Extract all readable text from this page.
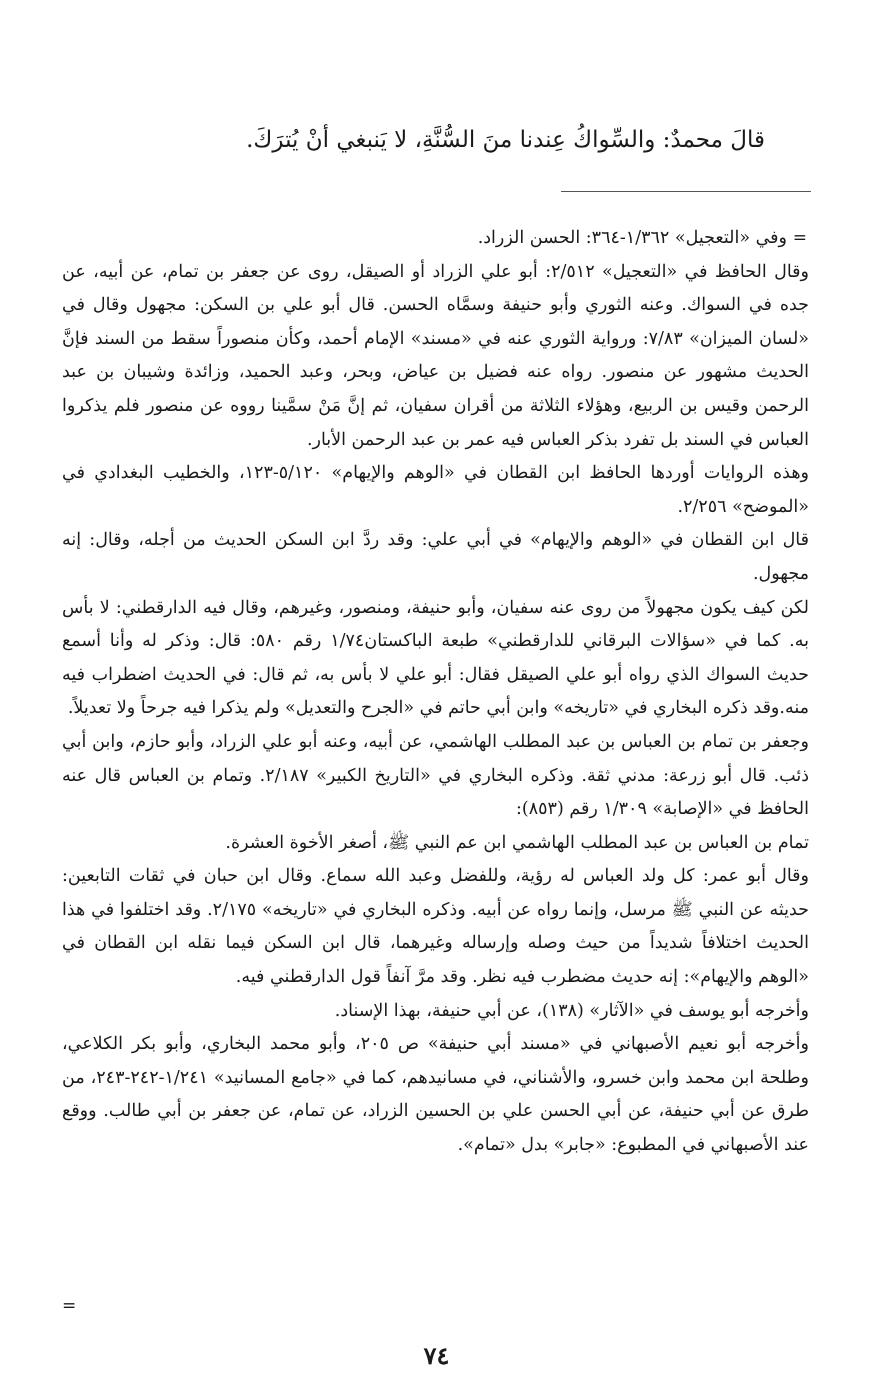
قالَ محمدٌ: والسِّواكُ عِندنا منَ السُّنَّةِ، لا يَنبغي أنْ يُترَكَ.

=

وفي «التعجيل» ١/٣٦٢-٣٦٤: الحسن الزراد.

وقال الحافظ في «التعجيل» ٢/٥١٢: أبو علي الزراد أو الصيقل، روى عن جعفر بن تمام، عن أبيه، عن جده في السواك. وعنه الثوري وأبو حنيفة وسمَّاه الحسن. قال أبو علي بن السكن: مجهول وقال في «لسان الميزان» ٧/٨٣: ورواية الثوري عنه في «مسند» الإمام أحمد، وكأن منصوراً سقط من السند فإنَّ الحديث مشهور عن منصور. رواه عنه فضيل بن عياض، وبحر، وعبد الحميد، وزائدة وشيبان بن عبد الرحمن وقيس بن الربيع، وهؤلاء الثلاثة من أقران سفيان، ثم إنَّ مَنْ سمَّينا رووه عن منصور فلم يذكروا العباس في السند بل تفرد بذكر العباس فيه عمر بن عبد الرحمن الأبار.

وهذه الروايات أوردها الحافظ ابن القطان في «الوهم والإيهام» ٥/١٢٠-١٢٣، والخطيب البغدادي في «الموضح» ٢/٢٥٦.

قال ابن القطان في «الوهم والإيهام» في أبي علي: وقد ردَّ ابن السكن الحديث من أجله، وقال: إنه مجهول.

لكن كيف يكون مجهولاً من روى عنه سفيان، وأبو حنيفة، ومنصور، وغيرهم، وقال فيه الدارقطني: لا بأس به. كما في «سؤالات البرقاني للدارقطني» طبعة الباكستان١/٧٤ رقم ٥٨٠: قال: وذكر له وأنا أسمع حديث السواك الذي رواه أبو علي الصيقل فقال: أبو علي لا بأس به، ثم قال: في الحديث اضطراب فيه منه.وقد ذكره البخاري في «تاريخه» وابن أبي حاتم في «الجرح والتعديل» ولم يذكرا فيه جرحاً ولا تعديلاً.

وجعفر بن تمام بن العباس بن عبد المطلب الهاشمي، عن أبيه، وعنه أبو علي الزراد، وأبو حازم، وابن أبي ذئب. قال أبو زرعة: مدني ثقة. وذكره البخاري في «التاريخ الكبير» ٢/١٨٧. وتمام بن العباس قال عنه الحافظ في «الإصابة» ١/٣٠٩ رقم (٨٥٣):

تمام بن العباس بن عبد المطلب الهاشمي ابن عم النبي ﷺ، أصغر الأخوة العشرة.

وقال أبو عمر: كل ولد العباس له رؤية، وللفضل وعبد الله سماع. وقال ابن حبان في ثقات التابعين: حديثه عن النبي ﷺ مرسل، وإنما رواه عن أبيه. وذكره البخاري في «تاريخه» ٢/١٧٥. وقد اختلفوا في هذا الحديث اختلافاً شديداً من حيث وصله وإرساله وغيرهما، قال ابن السكن فيما نقله ابن القطان في «الوهم والإيهام»: إنه حديث مضطرب فيه نظر. وقد مرَّ آنفاً قول الدارقطني فيه.

وأخرجه أبو يوسف في «الآثار» (١٣٨)، عن أبي حنيفة، بهذا الإسناد.

وأخرجه أبو نعيم الأصبهاني في «مسند أبي حنيفة» ص ٢٠٥، وأبو محمد البخاري، وأبو بكر الكلاعي، وطلحة ابن محمد وابن خسرو، والأشناني، في مسانيدهم، كما في «جامع المسانيد» ١/٢٤١-٢٤٢-٢٤٣، من طرق عن أبي حنيفة، عن أبي الحسن علي بن الحسين الزراد، عن تمام، عن جعفر بن أبي طالب. ووقع عند الأصبهاني في المطبوع: «جابر» بدل «تمام».

=
٧٤
